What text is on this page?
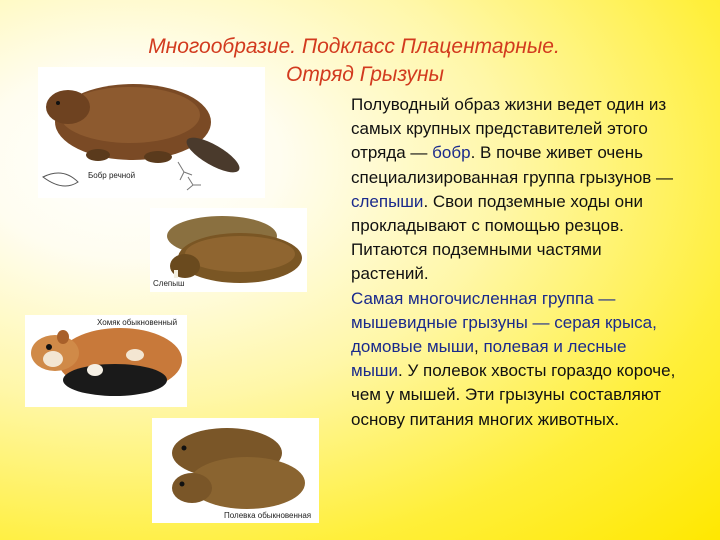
Многообразие. Подкласс Плацентарные.
Отряд Грызуны
Бобр речной
Слепыш
Хомяк обыкновенный
Полевка обыкновенная
Полуводный образ жизни ведет один из самых крупных представителей этого отряда — бобр. В почве живет очень специализированная группа грызунов — слепыши. Свои подземные ходы они прокладывают с помощью резцов. Питаются подземными частями растений.
Самая многочисленная группа — мышевидные грызуны — серая крыса, домовые мыши, полевая и лесные мыши. У полевок хвосты гораздо короче, чем у мышей. Эти грызуны составляют основу питания многих животных.
